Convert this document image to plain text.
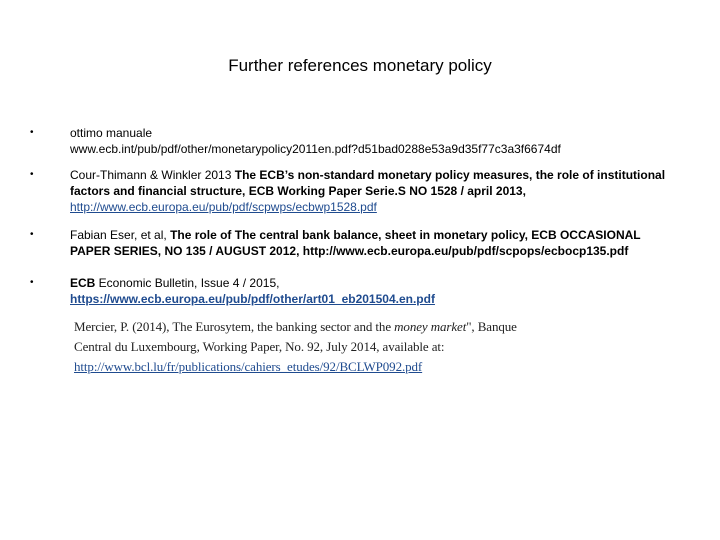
Further references monetary policy
•	ottimo manuale
www.ecb.int/pub/pdf/other/monetarypolicy2011en.pdf?d51bad0288e53a9d35f77c3a3f6674df
•	Cour-Thimann & Winkler 2013 The ECB’s non-standard monetary policy measures, the role of institutional factors and financial structure, ECB Working Paper Serie.S NO 1528 / april 2013, http://www.ecb.europa.eu/pub/pdf/scpwps/ecbwp1528.pdf
•	Fabian Eser, et al, The role of The central bank balance, sheet in monetary policy, ECB OCCASIONAL PAPER SERIES, NO 135 / AUGUST 2012, http://www.ecb.europa.eu/pub/pdf/scpops/ecbocp135.pdf
•	ECB Economic Bulletin, Issue 4 / 2015,
https://www.ecb.europa.eu/pub/pdf/other/art01_eb201504.en.pdf
Mercier, P. (2014), The Eurosytem, the banking sector and the money market", Banque Central du Luxembourg, Working Paper, No. 92, July 2014, available at:
http://www.bcl.lu/fr/publications/cahiers_etudes/92/BCLWP092.pdf
